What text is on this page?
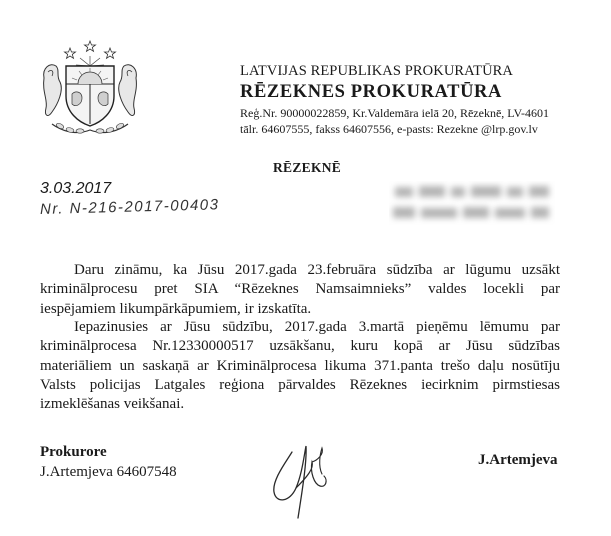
LATVIJAS REPUBLIKAS PROKURATŪRA
RĒZEKNES PROKURATŪRA
Reģ.Nr. 90000022859, Kr.Valdemāra ielā 20, Rēzeknē, LV-4601
tālr. 64607555, fakss 64607556, e-pasts: Rezekne @lrp.gov.lv
RĒZEKNĒ
3.03.2017
Nr. N-216-2017-00403
Daru zināmu, ka Jūsu 2017.gada 23.februāra sūdzība ar lūgumu uzsākt
kriminālprocesu pret SIA “Rēzeknes Namsaimnieks” valdes locekli par
iespējamiem likumpārkāpumiem, ir izskatīta.
Iepazinusies ar Jūsu sūdzību, 2017.gada 3.martā pieņēmu lēmumu par
kriminālprocesa Nr.12330000517 uzsākšanu, kuru kopā ar Jūsu sūdzības
materiāliem un saskaņā ar Kriminālprocesa likuma 371.panta trešo daļu nosūtīju
Valsts policijas Latgales reģiona pārvaldes Rēzeknes iecirknim pirmstiesas
izmeklēšanas veikšanai.
Prokurore
J.Artemjeva 64607548
J.Artemjeva
